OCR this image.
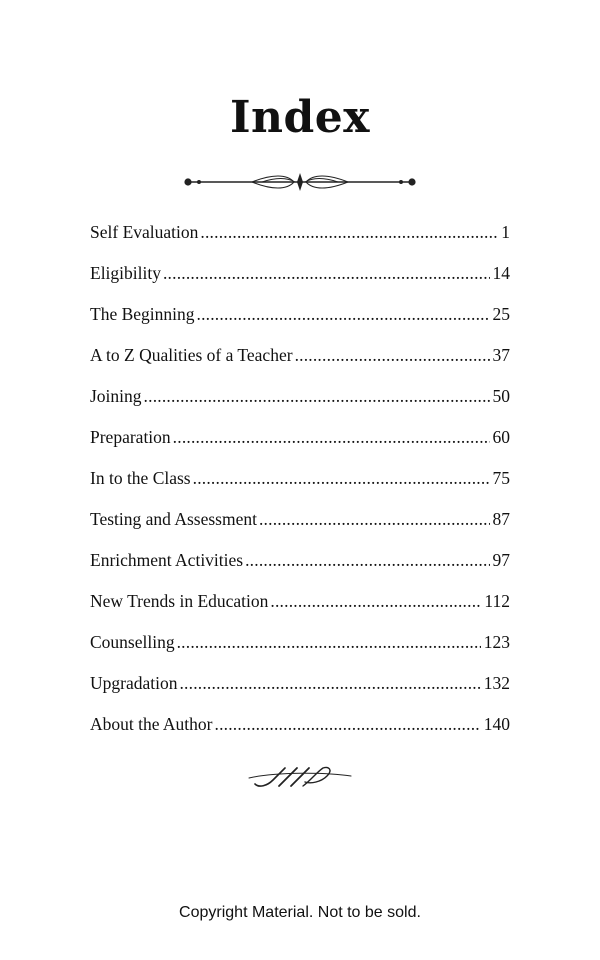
Index
Self Evaluation .....	1
Eligibility .....	14
The Beginning .....	25
A to Z Qualities of a Teacher .....	37
Joining .....	50
Preparation .....	60
In to the Class .....	75
Testing and Assessment .....	87
Enrichment Activities .....	97
New Trends in Education .....	112
Counselling .....	123
Upgradation .....	132
About the Author .....	140
Copyright Material. Not to be sold.
